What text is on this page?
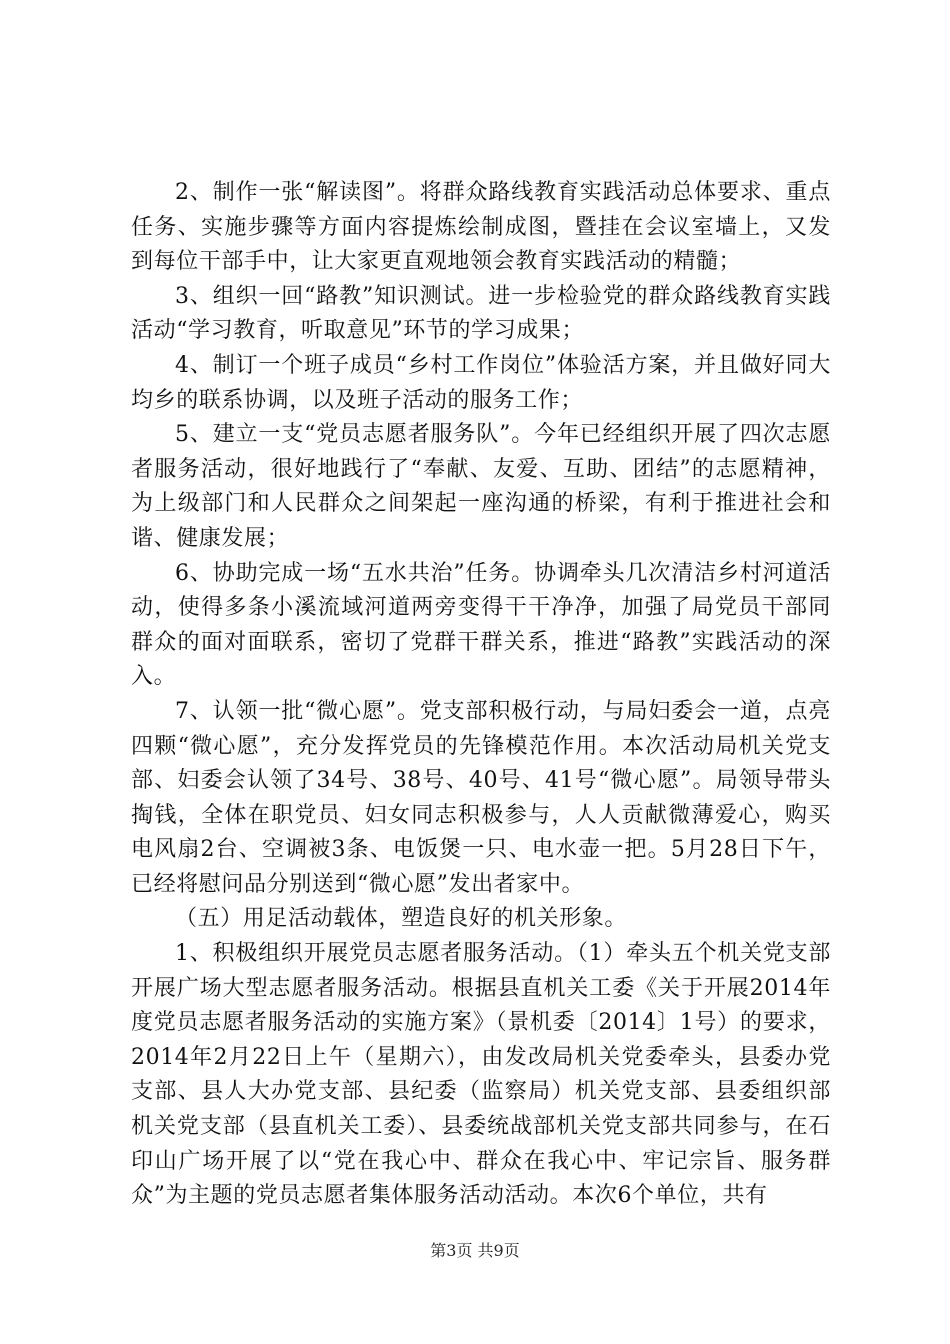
2、制作一张“解读图”。将群众路线教育实践活动总体要求、重点任务、实施步骤等方面内容提炼绘制成图，暨挂在会议室墙上，又发到每位干部手中，让大家更直观地领会教育实践活动的精髓；

3、组织一回“路教”知识测试。进一步检验党的群众路线教育实践活动“学习教育，听取意见”环节的学习成果；

4、制订一个班子成员“乡村工作岗位”体验活方案，并且做好同大均乡的联系协调，以及班子活动的服务工作；

5、建立一支“党员志愿者服务队”。今年已经组织开展了四次志愿者服务活动，很好地践行了“奉献、友爱、互助、团结”的志愿精神，为上级部门和人民群众之间架起一座沟通的桥梁，有利于推进社会和谐、健康发展；

6、协助完成一场“五水共治”任务。协调牵头几次清洁乡村河道活动，使得多条小溪流域河道两旁变得干干净净，加强了局党员干部同群众的面对面联系，密切了党群干群关系，推进“路教”实践活动的深入。

7、认领一批“微心愿”。党支部积极行动，与局妇委会一道，点亮四颗“微心愿”，充分发挥党员的先锋模范作用。本次活动局机关党支部、妇委会认领了34号、38号、40号、41号“微心愿”。局领导带头掏钱，全体在职党员、妇女同志积极参与，人人贡献微薄爱心，购买电风扇2台、空调被3条、电饭煲一只、电水壶一把。5月28日下午，已经将慰问品分别送到“微心愿”发出者家中。

（五）用足活动载体，塑造良好的机关形象。

1、积极组织开展党员志愿者服务活动。（1）牵头五个机关党支部开展广场大型志愿者服务活动。根据县直机关工委《关于开展2014年度党员志愿者服务活动的实施方案》（景机委〔2014〕1号）的要求，2014年2月22日上午（星期六），由发改局机关党委牵头，县委办党支部、县人大办党支部、县纪委（监察局）机关党支部、县委组织部机关党支部（县直机关工委）、县委统战部机关党支部共同参与，在石印山广场开展了以“党在我心中、群众在我心中、牢记宗旨、服务群众”为主题的党员志愿者集体服务活动活动。本次6个单位，共有

第3页 共9页
